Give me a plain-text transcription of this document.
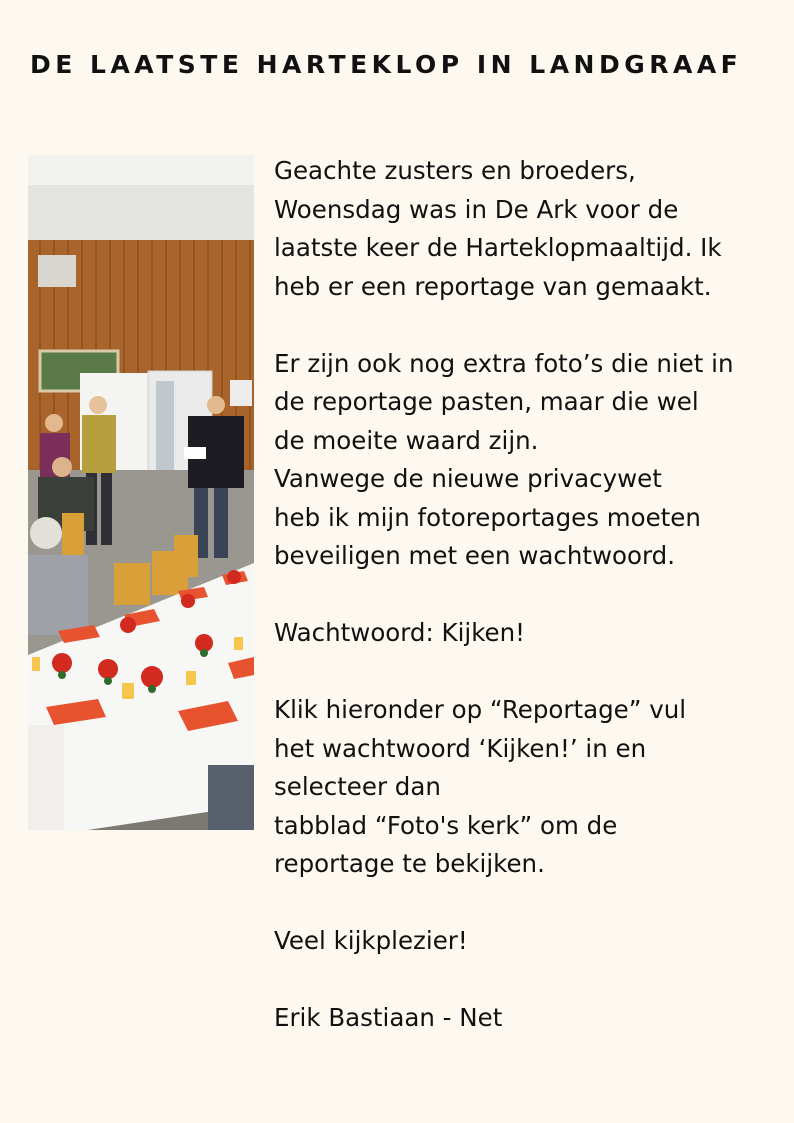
DE LAATSTE HARTEKLOP IN LANDGRAAF

Geachte zusters en broeders,

Woensdag was in De Ark voor de

laatste keer de Harteklopmaaltijd. Ik

heb er een reportage van gemaakt.

Er zijn ook nog extra foto’s die niet in

de reportage pasten, maar die wel

de moeite waard zijn.

Vanwege de nieuwe privacywet

heb ik mijn fotoreportages moeten

beveiligen met een wachtwoord.

Wachtwoord: Kijken!

Klik hieronder op “Reportage” vul

het wachtwoord ‘Kijken!’ in en

selecteer dan

tabblad “Foto's kerk” om de

reportage te bekijken.

Veel kijkplezier!

Erik Bastiaan - Net
